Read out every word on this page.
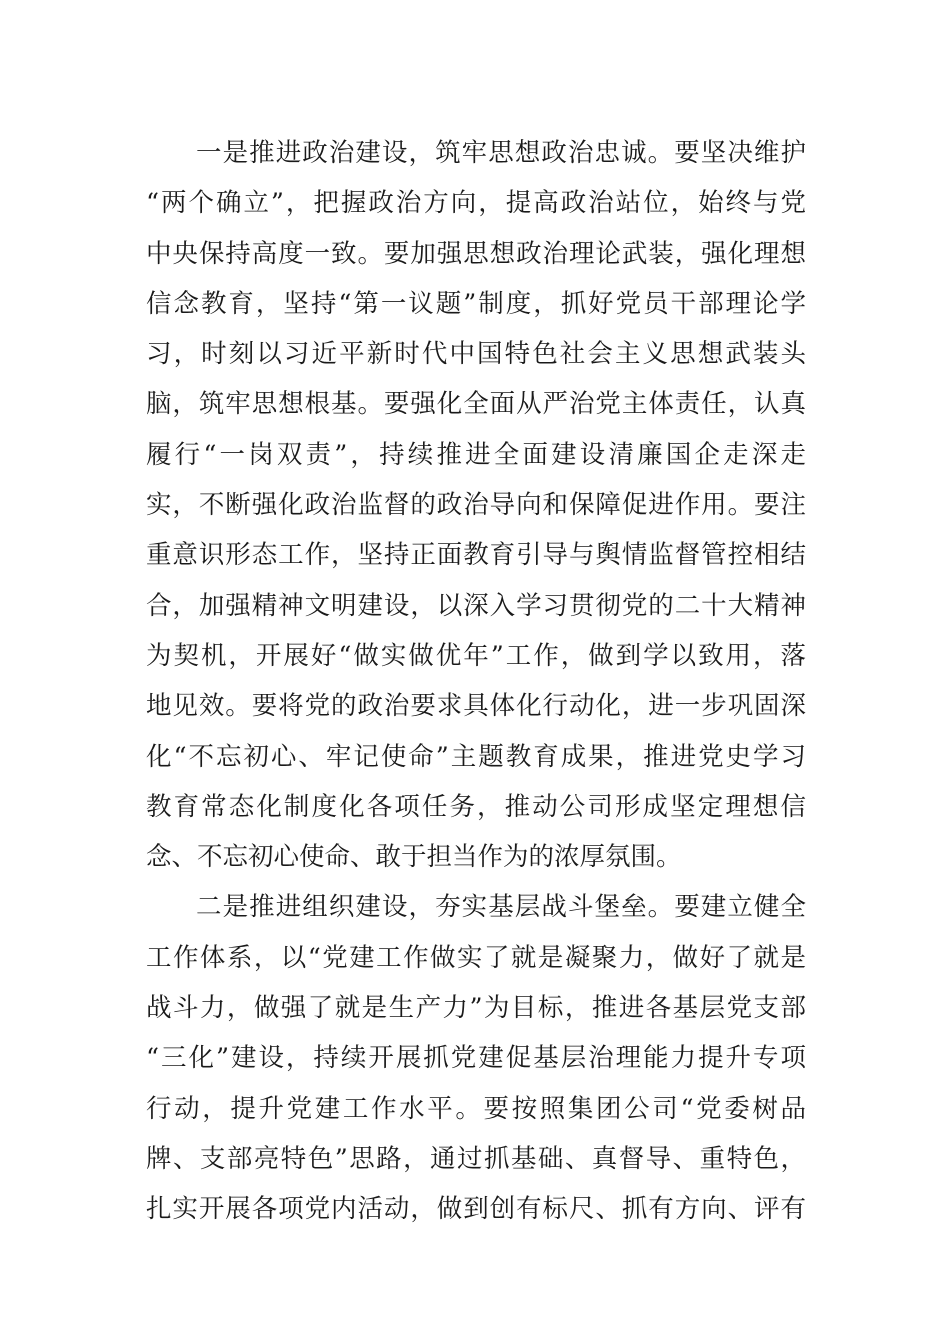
一是推进政治建设，筑牢思想政治忠诚。要坚决维护
“两个确立”，把握政治方向，提高政治站位，始终与党
中央保持高度一致。要加强思想政治理论武装，强化理想
信念教育，坚持“第一议题”制度，抓好党员干部理论学
习，时刻以习近平新时代中国特色社会主义思想武装头
脑，筑牢思想根基。要强化全面从严治党主体责任，认真
履行“一岗双责”，持续推进全面建设清廉国企走深走
实，不断强化政治监督的政治导向和保障促进作用。要注
重意识形态工作，坚持正面教育引导与舆情监督管控相结
合，加强精神文明建设，以深入学习贯彻党的二十大精神
为契机，开展好“做实做优年”工作，做到学以致用，落
地见效。要将党的政治要求具体化行动化，进一步巩固深
化“不忘初心、牢记使命”主题教育成果，推进党史学习
教育常态化制度化各项任务，推动公司形成坚定理想信
念、不忘初心使命、敢于担当作为的浓厚氛围。
二是推进组织建设，夯实基层战斗堡垒。要建立健全
工作体系，以“党建工作做实了就是凝聚力，做好了就是
战斗力，做强了就是生产力”为目标，推进各基层党支部
“三化”建设，持续开展抓党建促基层治理能力提升专项
行动，提升党建工作水平。要按照集团公司“党委树品
牌、支部亮特色”思路，通过抓基础、真督导、重特色，
扎实开展各项党内活动，做到创有标尺、抓有方向、评有
